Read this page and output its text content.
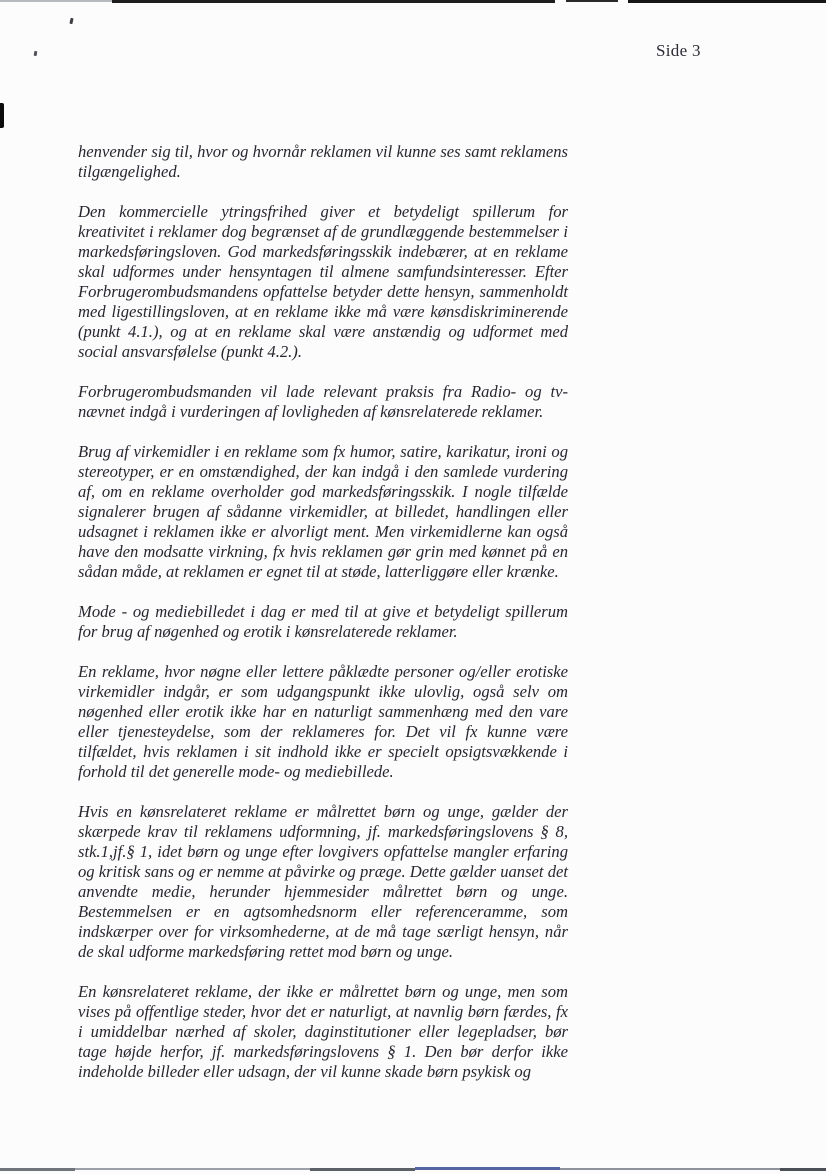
Side 3

henvender sig til, hvor og hvornår reklamen vil kunne ses samt reklamens tilgængelighed.

Den kommercielle ytringsfrihed giver et betydeligt spillerum for kreativitet i reklamer dog begrænset af de grundlæggende bestemmelser i markedsføringsloven. God markedsføringsskik indebærer, at en reklame skal udformes under hensyntagen til almene samfundsinteresser. Efter Forbrugerombudsmandens opfattelse betyder dette hensyn, sammenholdt med ligestillingsloven, at en reklame ikke må være kønsdiskriminerende (punkt 4.1.), og at en reklame skal være anstændig og udformet med social ansvarsfølelse (punkt 4.2.).

Forbrugerombudsmanden vil lade relevant praksis fra Radio- og tv-nævnet indgå i vurderingen af lovligheden af kønsrelaterede reklamer.

Brug af virkemidler i en reklame som fx humor, satire, karikatur, ironi og stereotyper, er en omstændighed, der kan indgå i den samlede vurdering af, om en reklame overholder god markedsføringsskik. I nogle tilfælde signalerer brugen af sådanne virkemidler, at billedet, handlingen eller udsagnet i reklamen ikke er alvorligt ment. Men virkemidlerne kan også have den modsatte virkning, fx hvis reklamen gør grin med kønnet på en sådan måde, at reklamen er egnet til at støde, latterliggøre eller krænke.

Mode - og mediebilledet i dag er med til at give et betydeligt spillerum for brug af nøgenhed og erotik i kønsrelaterede reklamer.

En reklame, hvor nøgne eller lettere påklædte personer og/eller erotiske virkemidler indgår, er som udgangspunkt ikke ulovlig, også selv om nøgenhed eller erotik ikke har en naturligt sammenhæng med den vare eller tjenesteydelse, som der reklameres for. Det vil fx kunne være tilfældet, hvis reklamen i sit indhold ikke er specielt opsigtsvækkende i forhold til det generelle mode- og mediebillede.

Hvis en kønsrelateret reklame er målrettet børn og unge, gælder der skærpede krav til reklamens udformning, jf. markedsføringslovens § 8, stk.1,jf.§ 1, idet børn og unge efter lovgivers opfattelse mangler erfaring og kritisk sans og er nemme at påvirke og præge. Dette gælder uanset det anvendte medie, herunder hjemmesider målrettet børn og unge. Bestemmelsen er en agtsomhedsnorm eller referenceramme, som indskærper over for virksomhederne, at de må tage særligt hensyn, når de skal udforme markedsføring rettet mod børn og unge.

En kønsrelateret reklame, der ikke er målrettet børn og unge, men som vises på offentlige steder, hvor det er naturligt, at navnlig børn færdes, fx i umiddelbar nærhed af skoler, daginstitutioner eller legepladser, bør tage højde herfor, jf. markedsføringslovens § 1. Den bør derfor ikke indeholde billeder eller udsagn, der vil kunne skade børn psykisk og
